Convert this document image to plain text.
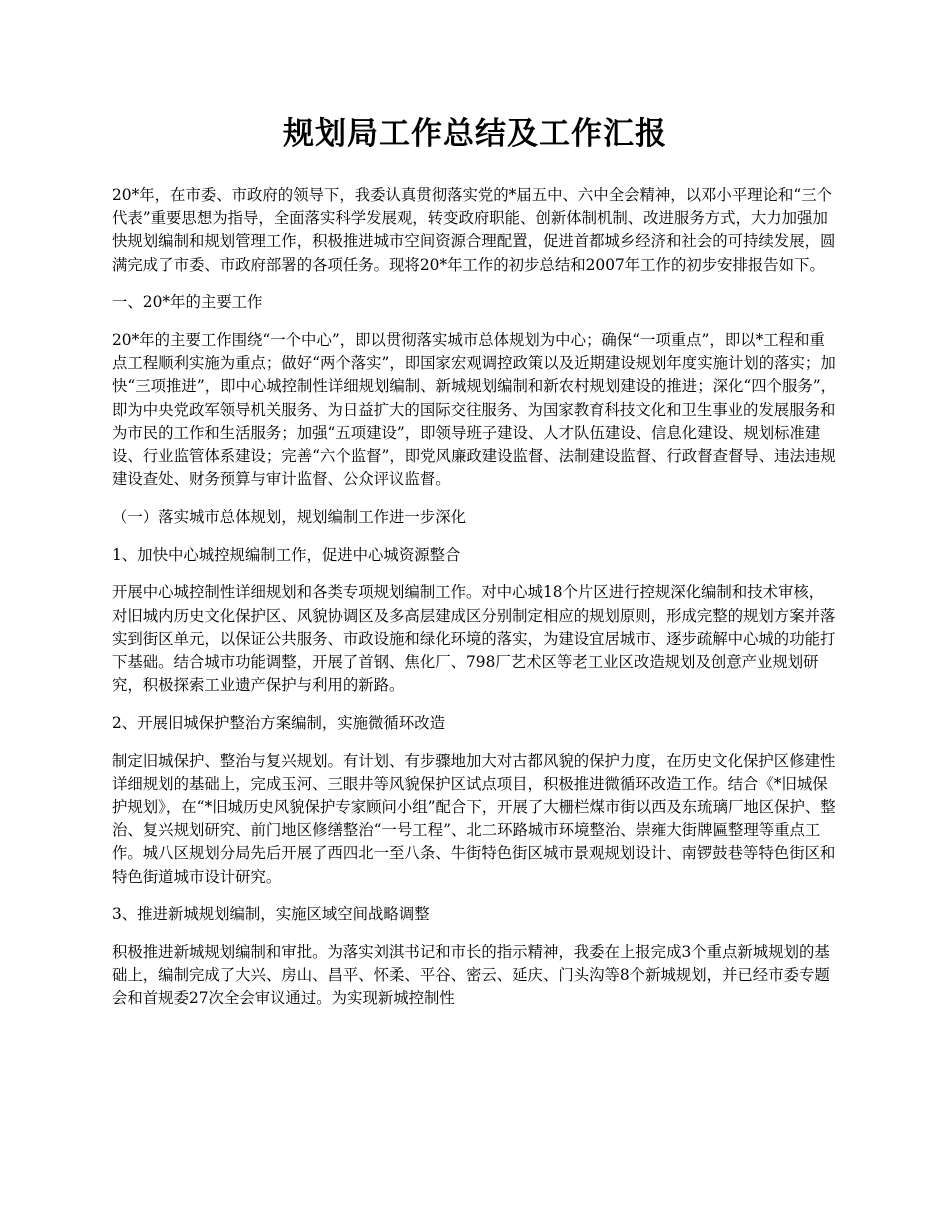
规划局工作总结及工作汇报

20*年，在市委、市政府的领导下，我委认真贯彻落实党的*届五中、六中全会精神，以邓小平理论和“三个代表”重要思想为指导，全面落实科学发展观，转变政府职能、创新体制机制、改进服务方式，大力加强加快规划编制和规划管理工作，积极推进城市空间资源合理配置，促进首都城乡经济和社会的可持续发展，圆满完成了市委、市政府部署的各项任务。现将20*年工作的初步总结和2007年工作的初步安排报告如下。

一、20*年的主要工作

20*年的主要工作围绕“一个中心”，即以贯彻落实城市总体规划为中心；确保“一项重点”，即以*工程和重点工程顺利实施为重点；做好“两个落实”，即国家宏观调控政策以及近期建设规划年度实施计划的落实；加快“三项推进”，即中心城控制性详细规划编制、新城规划编制和新农村规划建设的推进；深化“四个服务”，即为中央党政军领导机关服务、为日益扩大的国际交往服务、为国家教育科技文化和卫生事业的发展服务和为市民的工作和生活服务；加强“五项建设”，即领导班子建设、人才队伍建设、信息化建设、规划标准建设、行业监管体系建设；完善“六个监督”，即党风廉政建设监督、法制建设监督、行政督查督导、违法违规建设查处、财务预算与审计监督、公众评议监督。

（一）落实城市总体规划，规划编制工作进一步深化

1、加快中心城控规编制工作，促进中心城资源整合

开展中心城控制性详细规划和各类专项规划编制工作。对中心城18个片区进行控规深化编制和技术审核，对旧城内历史文化保护区、风貌协调区及多高层建成区分别制定相应的规划原则，形成完整的规划方案并落实到街区单元，以保证公共服务、市政设施和绿化环境的落实，为建设宜居城市、逐步疏解中心城的功能打下基础。结合城市功能调整，开展了首钢、焦化厂、798厂艺术区等老工业区改造规划及创意产业规划研究，积极探索工业遗产保护与利用的新路。

2、开展旧城保护整治方案编制，实施微循环改造

制定旧城保护、整治与复兴规划。有计划、有步骤地加大对古都风貌的保护力度，在历史文化保护区修建性详细规划的基础上，完成玉河、三眼井等风貌保护区试点项目，积极推进微循环改造工作。结合《*旧城保护规划》，在“*旧城历史风貌保护专家顾问小组”配合下，开展了大栅栏煤市街以西及东琉璃厂地区保护、整治、复兴规划研究、前门地区修缮整治“一号工程”、北二环路城市环境整治、崇雍大街牌匾整理等重点工作。城八区规划分局先后开展了西四北一至八条、牛街特色街区城市景观规划设计、南锣鼓巷等特色街区和特色街道城市设计研究。

3、推进新城规划编制，实施区域空间战略调整

积极推进新城规划编制和审批。为落实刘淇书记和市长的指示精神，我委在上报完成3个重点新城规划的基础上，编制完成了大兴、房山、昌平、怀柔、平谷、密云、延庆、门头沟等8个新城规划，并已经市委专题会和首规委27次全会审议通过。为实现新城控制性
